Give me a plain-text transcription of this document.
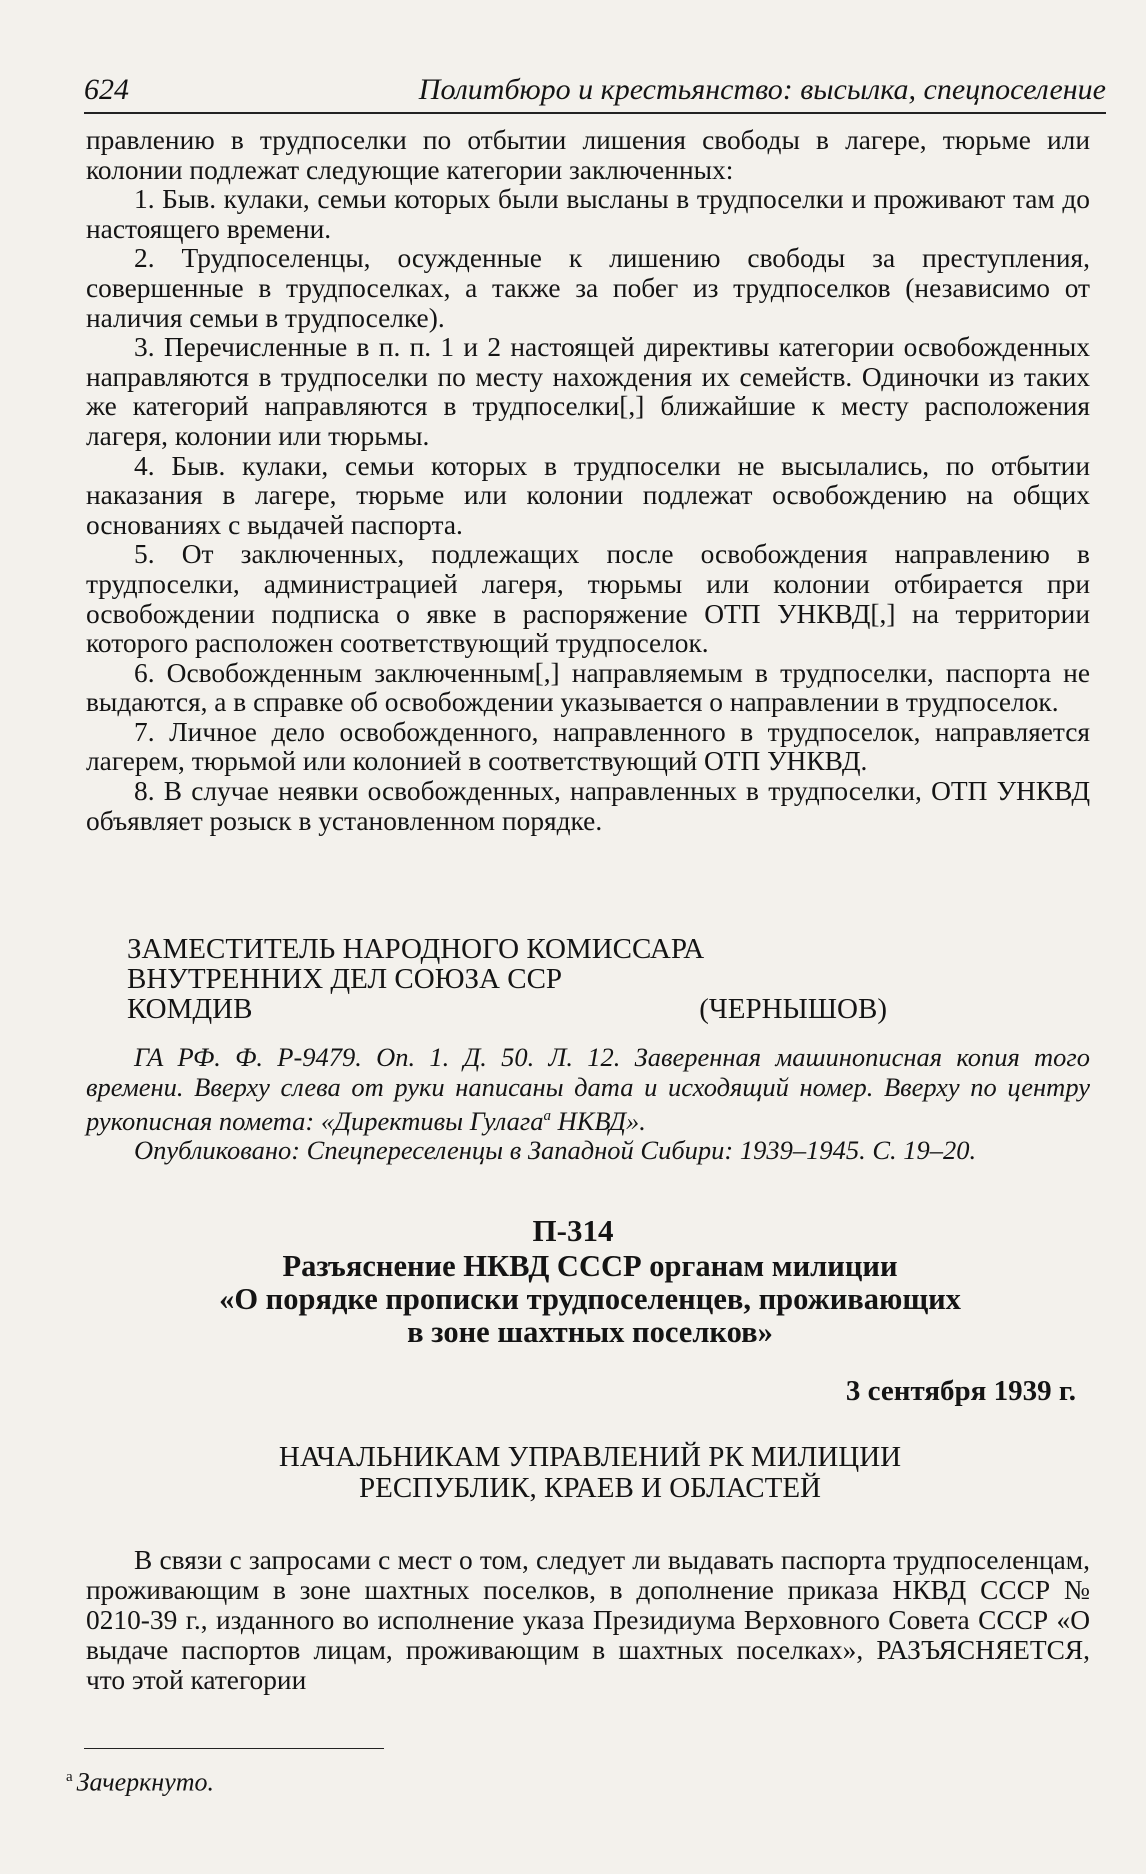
624	Политбюро и крестьянство: высылка, спецпоселение

правлению в трудпоселки по отбытии лишения свободы в лагере, тюрьме или колонии подлежат следующие категории заключенных:

1. Быв. кулаки, семьи которых были высланы в трудпоселки и проживают там до настоящего времени.

2. Трудпоселенцы, осужденные к лишению свободы за преступления, совершенные в трудпоселках, а также за побег из трудпоселков (независимо от наличия семьи в трудпоселке).

3. Перечисленные в п. п. 1 и 2 настоящей директивы категории освобожденных направляются в трудпоселки по месту нахождения их семейств. Одиночки из таких же категорий направляются в трудпоселки[,] ближайшие к месту расположения лагеря, колонии или тюрьмы.

4. Быв. кулаки, семьи которых в трудпоселки не высылались, по отбытии наказания в лагере, тюрьме или колонии подлежат освобождению на общих основаниях с выдачей паспорта.

5. От заключенных, подлежащих после освобождения направлению в трудпоселки, администрацией лагеря, тюрьмы или колонии отбирается при освобождении подписка о явке в распоряжение ОТП УНКВД[,] на территории которого расположен соответствующий трудпоселок.

6. Освобожденным заключенным[,] направляемым в трудпоселки, паспорта не выдаются, а в справке об освобождении указывается о направлении в трудпоселок.

7. Личное дело освобожденного, направленного в трудпоселок, направляется лагерем, тюрьмой или колонией в соответствующий ОТП УНКВД.

8. В случае неявки освобожденных, направленных в трудпоселки, ОТП УНКВД объявляет розыск в установленном порядке.

ЗАМЕСТИТЕЛЬ НАРОДНОГО КОМИССАРА
ВНУТРЕННИХ ДЕЛ СОЮЗА ССР
КОМДИВ	(ЧЕРНЫШОВ)

ГА РФ. Ф. Р-9479. Оп. 1. Д. 50. Л. 12. Заверенная машинописная копия того времени. Вверху слева от руки написаны дата и исходящий номер. Вверху по центру рукописная помета: «Директивы Гулага$^а$ НКВД».

Опубликовано: Спецпереселенцы в Западной Сибири: 1939–1945. С. 19–20.

П-314
Разъяснение НКВД СССР органам милиции
«О порядке прописки трудпоселенцев, проживающих
в зоне шахтных поселков»
3 сентября 1939 г.
НАЧАЛЬНИКАМ УПРАВЛЕНИЙ РК МИЛИЦИИ
РЕСПУБЛИК, КРАЕВ И ОБЛАСТЕЙ

В связи с запросами с мест о том, следует ли выдавать паспорта трудпоселенцам, проживающим в зоне шахтных поселков, в дополнение приказа НКВД СССР № 0210-39 г., изданного во исполнение указа Президиума Верховного Совета СССР «О выдаче паспортов лицам, проживающим в шахтных поселках», РАЗЪЯСНЯЕТСЯ, что этой категории

$^а$ Зачеркнуто.
